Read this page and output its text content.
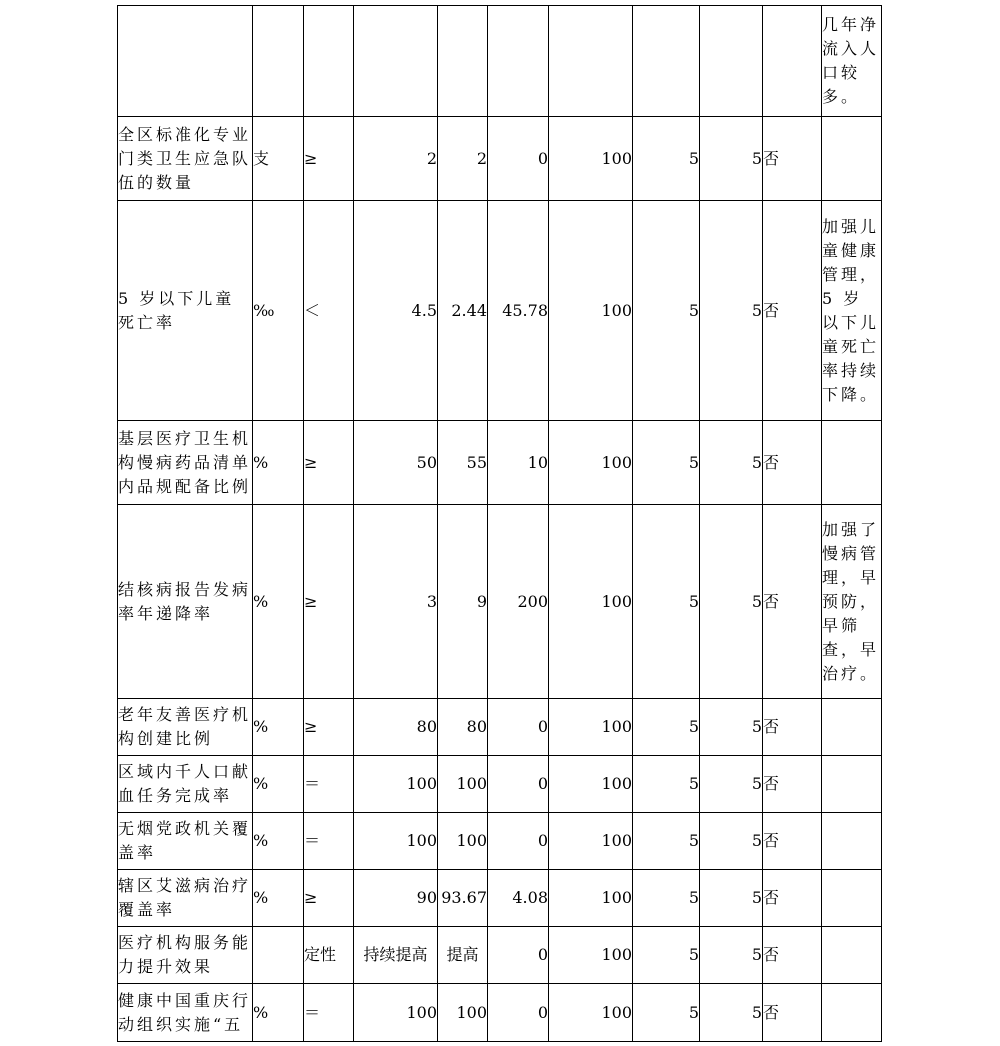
										几年净流入人口较多。
全区标准化专业门类卫生应急队伍的数量	支	≥	2	2	0	100	5	5	否	
5 岁以下儿童死亡率	‰	＜	4.5	2.44	45.78	100	5	5	否	加强儿童健康管理，5 岁以下儿童死亡率持续下降。
基层医疗卫生机构慢病药品清单内品规配备比例	%	≥	50	55	10	100	5	5	否	
结核病报告发病率年递降率	%	≥	3	9	200	100	5	5	否	加强了慢病管理，早预防，早筛查，早治疗。
老年友善医疗机构创建比例	%	≥	80	80	0	100	5	5	否	
区域内千人口献血任务完成率	%	＝	100	100	0	100	5	5	否	
无烟党政机关覆盖率	%	＝	100	100	0	100	5	5	否	
辖区艾滋病治疗覆盖率	%	≥	90	93.67	4.08	100	5	5	否	
医疗机构服务能力提升效果		定性	持续提高	提高	0	100	5	5	否	
健康中国重庆行动组织实施“五	%	＝	100	100	0	100	5	5	否	
